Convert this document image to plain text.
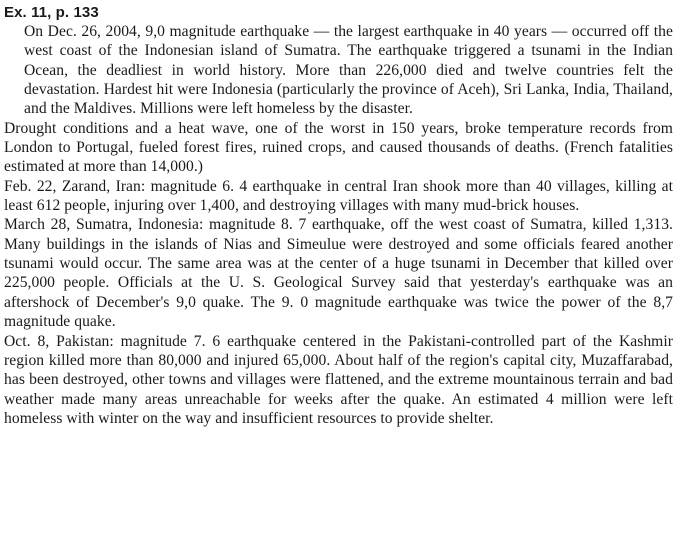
Ex. 11, p. 133

On Dec. 26, 2004, 9,0 magnitude earthquake — the largest earthquake in 40 years — occurred off the west coast of the Indonesian island of Sumatra. The earthquake triggered a tsunami in the Indian Ocean, the deadliest in world history. More than 226,000 died and twelve countries felt the devastation. Hardest hit were Indonesia (particularly the province of Aceh), Sri Lanka, India, Thailand, and the Maldives. Millions were left homeless by the disaster.

Drought conditions and a heat wave, one of the worst in 150 years, broke temperature records from London to Portugal, fueled forest fires, ruined crops, and caused thousands of deaths. (French fatalities estimated at more than 14,000.)

Feb. 22, Zarand, Iran: magnitude 6. 4 earthquake in central Iran shook more than 40 villages, killing at least 612 people, injuring over 1,400, and destroying villages with many mud-brick houses.

March 28, Sumatra, Indonesia: magnitude 8. 7 earthquake, off the west coast of Sumatra, killed 1,313. Many buildings in the islands of Nias and Simeulue were destroyed and some officials feared another tsunami would occur. The same area was at the center of a huge tsunami in December that killed over 225,000 people. Officials at the U. S. Geological Survey said that yesterday's earthquake was an aftershock of December's 9,0 quake. The 9. 0 magnitude earthquake was twice the power of the 8,7 magnitude quake.

Oct. 8, Pakistan: magnitude 7. 6 earthquake centered in the Pakistani-controlled part of the Kashmir region killed more than 80,000 and injured 65,000. About half of the region's capital city, Muzaffarabad, has been destroyed, other towns and villages were flattened, and the extreme mountainous terrain and bad weather made many areas unreachable for weeks after the quake. An estimated 4 million were left homeless with winter on the way and insufficient resources to provide shelter.
